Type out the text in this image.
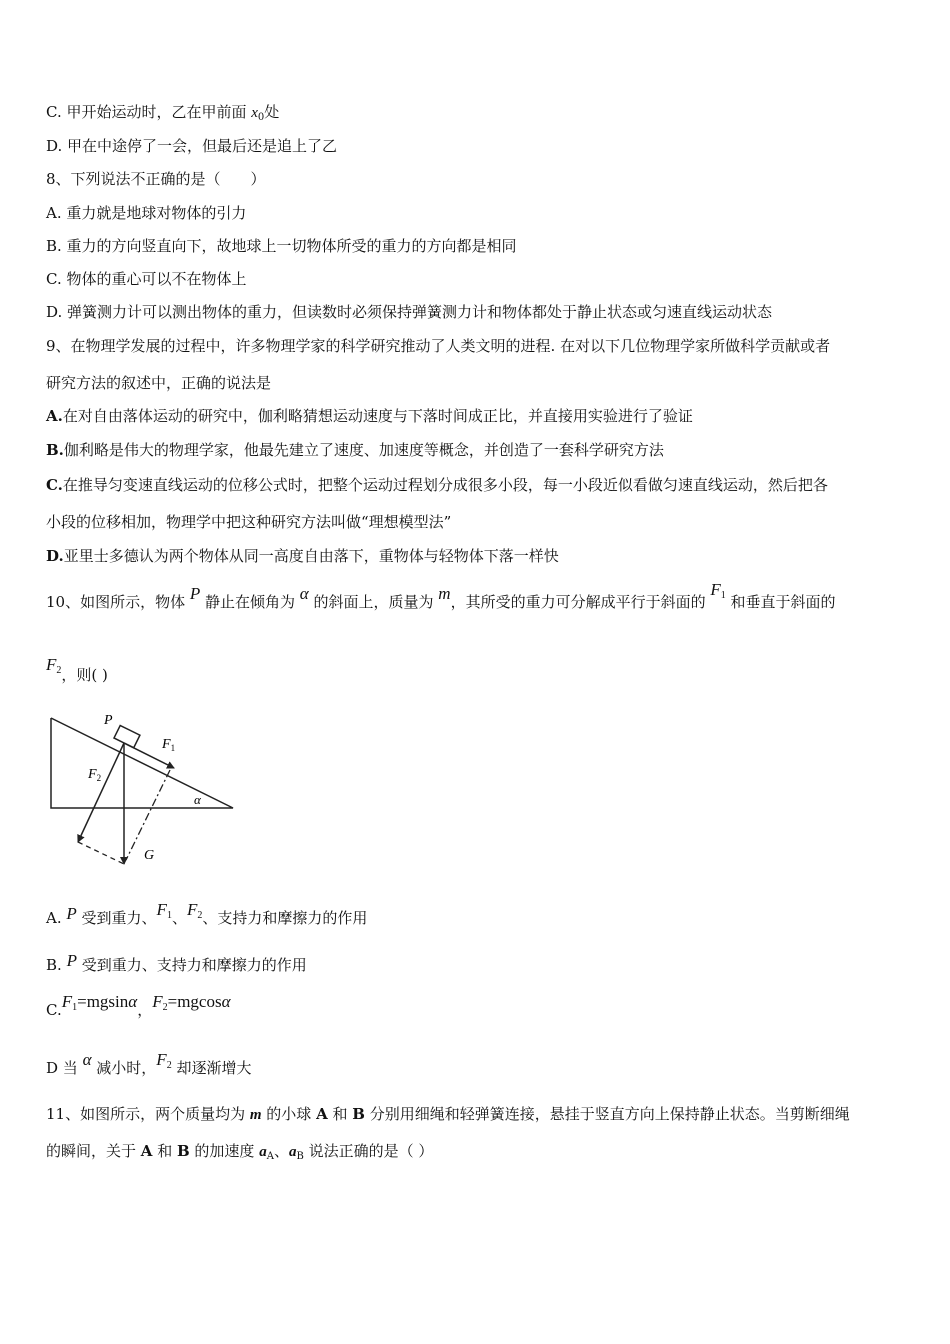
C. 甲开始运动时，乙在甲前面 $x_0$处
D. 甲在中途停了一会，但最后还是追上了乙
8、下列说法不正确的是（　　）
A. 重力就是地球对物体的引力
B. 重力的方向竖直向下，故地球上一切物体所受的重力的方向都是相同
C. 物体的重心可以不在物体上
D. 弹簧测力计可以测出物体的重力，但读数时必须保持弹簧测力计和物体都处于静止状态或匀速直线运动状态
9、在物理学发展的过程中，许多物理学家的科学研究推动了人类文明的进程. 在对以下几位物理学家所做科学贡献或者
研究方法的叙述中，正确的说法是
A.在对自由落体运动的研究中，伽利略猜想运动速度与下落时间成正比，并直接用实验进行了验证
B.伽利略是伟大的物理学家，他最先建立了速度、加速度等概念，并创造了一套科学研究方法
C.在推导匀变速直线运动的位移公式时，把整个运动过程划分成很多小段，每一小段近似看做匀速直线运动，然后把各
小段的位移相加，物理学中把这种研究方法叫做“理想模型法”
D.亚里士多德认为两个物体从同一高度自由落下，重物体与轻物体下落一样快
10、如图所示，物体 P 静止在倾角为 α 的斜面上，质量为 m，其所受的重力可分解成平行于斜面的 $F_1$ 和垂直于斜面的
$F_2$，则( )
P
$F_1$
$F_2$
α
G
A. P 受到重力、$F_1$、$F_2$、支持力和摩擦力的作用
B. P 受到重力、支持力和摩擦力的作用
$C.F_1=mgsin\alpha$，$F_2=mgcos\alpha$
D 当 α 减小时，$F_2$ 却逐渐增大
11、如图所示，两个质量均为 m 的小球 A 和 B 分别用细绳和轻弹簧连接，悬挂于竖直方向上保持静止状态。当剪断细绳
的瞬间，关于 A 和 B 的加速度 $a_A$、$a_B$ 说法正确的是（ ）
